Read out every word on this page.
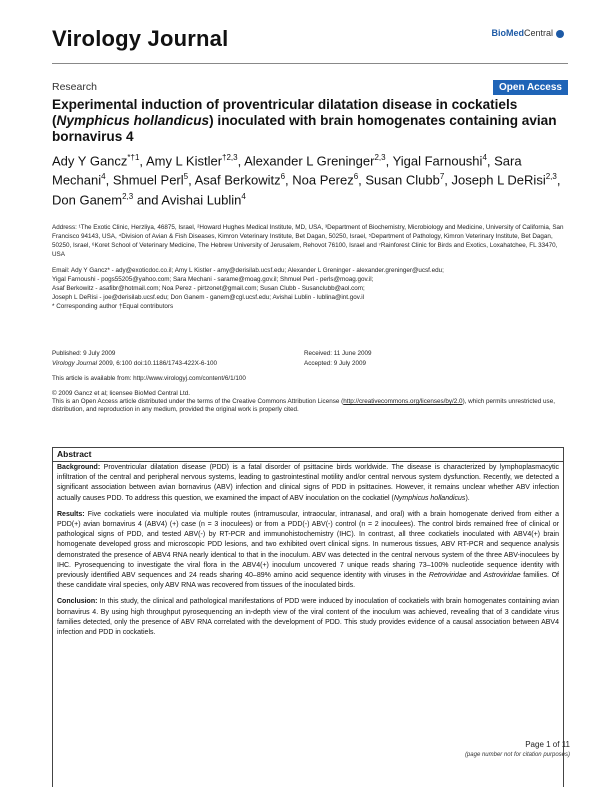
Virology Journal	BioMedCentral
Research	Open Access
Experimental induction of proventricular dilatation disease in cockatiels (Nymphicus hollandicus) inoculated with brain homogenates containing avian bornavirus 4
Ady Y Gancz$^{*\dagger 1}$, Amy L Kistler$^{\dagger 2,3}$, Alexander L Greninger$^{2,3}$, Yigal Farnoushi$^4$, Sara Mechani$^4$, Shmuel Perl$^5$, Asaf Berkowitz$^6$, Noa Perez$^6$, Susan Clubb$^7$, Joseph L DeRisi$^{2,3}$, Don Ganem$^{2,3}$ and Avishai Lublin$^4$
Address: ¹The Exotic Clinic, Herzliya, 46875, Israel, ²Howard Hughes Medical Institute, MD, USA, ³Department of Biochemistry, Microbiology and Medicine, University of California, San Francisco 94143, USA, ⁴Division of Avian & Fish Diseases, Kimron Veterinary Institute, Bet Dagan, 50250, Israel, ⁵Department of Pathology, Kimron Veterinary Institute, Bet Dagan, 50250, Israel, ⁶Koret School of Veterinary Medicine, The Hebrew University of Jerusalem, Rehovot 76100, Israel and ⁷Rainforest Clinic for Birds and Exotics, Loxahatchee, FL 33470, USA
Email: Ady Y Gancz* - ady@exoticdoc.co.il; Amy L Kistler - amy@derisilab.ucsf.edu; Alexander L Greninger - alexander.greninger@ucsf.edu;
Yigal Farnoushi - pogs55205@yahoo.com; Sara Mechani - sarame@moag.gov.il; Shmuel Perl - perls@moag.gov.il;
Asaf Berkowitz - asafibr@hotmail.com; Noa Perez - pirtzonet@gmail.com; Susan Clubb - Susanclubb@aol.com;
Joseph L DeRisi - joe@derisilab.ucsf.edu; Don Ganem - ganem@cgl.ucsf.edu; Avishai Lublin - lublina@int.gov.il
* Corresponding author †Equal contributors
Published: 9 July 2009
Virology Journal 2009, 6:100 doi:10.1186/1743-422X-6-100
Received: 11 June 2009
Accepted: 9 July 2009
This article is available from: http://www.virologyj.com/content/6/1/100
© 2009 Gancz et al; licensee BioMed Central Ltd.
This is an Open Access article distributed under the terms of the Creative Commons Attribution License (http://creativecommons.org/licenses/by/2.0), which permits unrestricted use, distribution, and reproduction in any medium, provided the original work is properly cited.
Abstract
Background: Proventricular dilatation disease (PDD) is a fatal disorder of psittacine birds worldwide. The disease is characterized by lymphoplasmacytic infiltration of the central and peripheral nervous systems, leading to gastrointestinal motility and/or central nervous system dysfunction. Recently, we detected a significant association between avian bornavirus (ABV) infection and clinical signs of PDD in psittacines. However, it remains unclear whether ABV infection actually causes PDD. To address this question, we examined the impact of ABV inoculation on the cockatiel (Nymphicus hollandicus).
Results: Five cockatiels were inoculated via multiple routes (intramuscular, intraocular, intranasal, and oral) with a brain homogenate derived from either a PDD(+) avian bornavirus 4 (ABV4) (+) case (n = 3 inoculees) or from a PDD(-) ABV(-) control (n = 2 inoculees). The control birds remained free of clinical or pathological signs of PDD, and tested ABV(-) by RT-PCR and immunohistochemistry (IHC). In contrast, all three cockatiels inoculated with ABV4(+) brain homogenate developed gross and microscopic PDD lesions, and two exhibited overt clinical signs. In numerous tissues, ABV RT-PCR and sequence analysis demonstrated the presence of ABV4 RNA nearly identical to that in the inoculum. ABV was detected in the central nervous system of the three ABV-inoculees by IHC. Pyrosequencing to investigate the viral flora in the ABV4(+) inoculum uncovered 7 unique reads sharing 73–100% nucleotide sequence identity with previously identified ABV sequences and 24 reads sharing 40–89% amino acid sequence identity with viruses in the Retroviridae and Astroviridae families. Of these candidate viral species, only ABV RNA was recovered from tissues of the inoculated birds.
Conclusion: In this study, the clinical and pathological manifestations of PDD were induced by inoculation of cockatiels with brain homogenates containing avian bornavirus 4. By using high throughput pyrosequencing an in-depth view of the viral content of the inoculum was achieved, revealing that of 3 candidate virus families detected, only the presence of ABV RNA correlated with the development of PDD. This study provides evidence of a causal association between ABV4 infection and PDD in cockatiels.
Page 1 of 11
(page number not for citation purposes)
